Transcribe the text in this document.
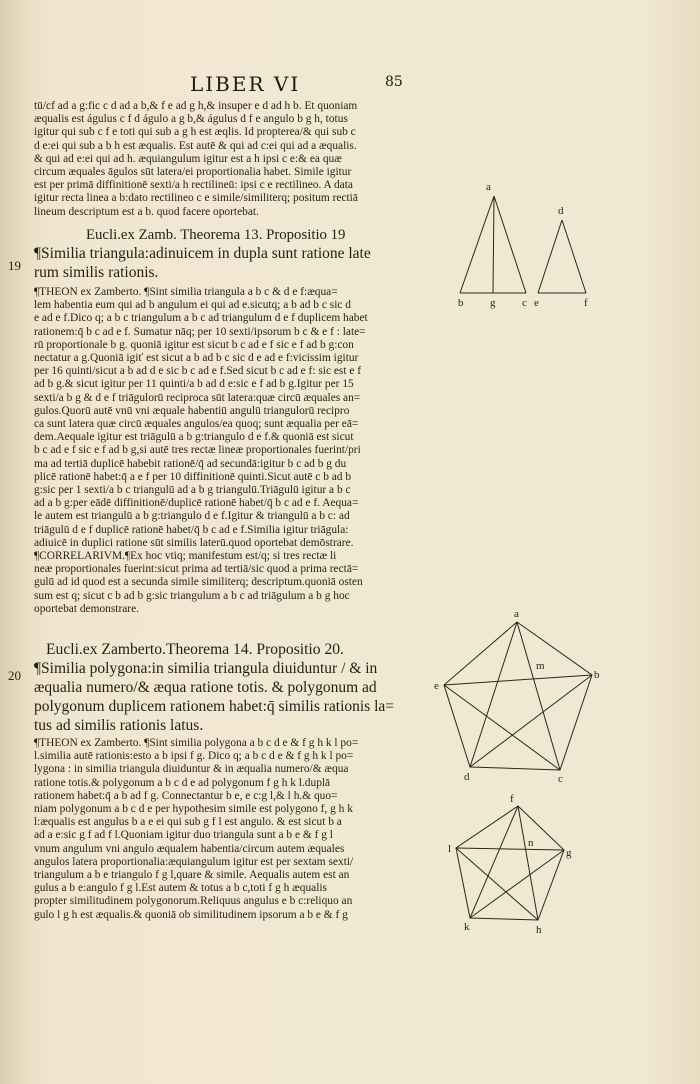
LIBER VI	85
tū/cf ad a g:fic c d ad a b,& f e ad g h,& insuper e d ad h b. Et quoniam
æqualis est águlus c f d águlo a g b,& águlus d f e angulo b g h, totus
igitur qui sub c f e toti qui sub a g h est æqlis. Id propterea/& qui sub c
d e:ei qui sub a b h est æqualis. Est autē & qui ad c:ei qui ad a æqualis.
& qui ad e:ei qui ad h. æquiangulum igitur est a h ipsi c e:& ea quæ
circum æquales āgulos sūt latera/ei proportionalia habet. Simile igitur
est per primā diffinitionē sexti/a h rectilineū: ipsi c e rectilineo. A data
igitur recta linea a b:dato rectilineo c e simile/similiterq; positum rectiā
lineum descriptum est a b. quod facere oportebat.
Eucli.ex Zamb. Theorema 13. Propositio 19
19
¶Similia triangula:adinuicem in dupla sunt ratione late
rum similis rationis.
¶THEON ex Zamberto. ¶Sint similia triangula a b c & d e f:æqua=
lem habentia eum qui ad b angulum ei qui ad e.sicutq; a b ad b c sic d
e ad e f.Dico q; a b c triangulum a b c ad triangulum d e f duplicem habet
rationem:q̄ b c ad e f. Sumatur nāq; per 10 sexti/ipsorum b c & e f : late=
rū proportionale b g. quoniā igitur est sicut b c ad e f sic e f ad b g:con
nectatur a g.Quoniā igiť est sicut a b ad b c sic d e ad e f:vicissim igitur
per 16 quinti/sicut a b ad d e sic b c ad e f.Sed sicut b c ad e f: sic est e f
ad b g.& sicut igitur per 11 quinti/a b ad d e:sic e f ad b g.Igitur per 15
sexti/a b g & d e f triāgulorū reciproca sūt latera:quæ circū æquales an=
gulos.Quorū autē vnū vni æquale habentiū angulū triangulorū recipro
ca sunt latera quæ circū æquales angulos/ea quoq; sunt æqualia per eā=
dem.Aequale igitur est triāgulū a b g:triangulo d e f.& quoniā est sicut
b c ad e f sic e f ad b g,si autē tres rectæ lineæ proportionales fuerint/pri
ma ad tertiā duplicē habebit rationē/q̄ ad secundā:igitur b c ad b g du
plicē rationē habet:q̄ a e f per 10 diffinitionē quinti.Sicut autē c b ad b
g:sic per 1 sexti/a b c triangulū ad a b g triangulū.Triāgulū igitur a b c
ad a b g:per eādē diffinitionē/duplicē rationē habet/q̄ b c ad e f. Aequa=
le autem est triangulū a b g:triangulo d e f.Igitur & triangulū a b c: ad
triāgulū d e f duplicē rationē habet/q̄ b c ad e f.Similia igitur triāgula:
adiuicē in duplici ratione sūt similis laterū.quod oportebat demōstrare.
¶CORRELARIVM.¶Ex hoc vtiq; manifestum est/q; si tres rectæ li
neæ proportionales fuerint:sicut prima ad tertiā/sic quod a prima rectā=
gulū ad id quod est a secunda simile similiterq; descriptum.quoniā osten
sum est q; sicut c b ad b g:sic triangulum a b c ad triāgulum a b g hoc
oportebat demonstrare.
Eucli.ex Zamberto.Theorema 14. Propositio 20.
20 ¶Similia polygona:in similia triangula diuiduntur / & in
æqualia numero/& æqua ratione totis. & polygonum ad
polygonum duplicem rationem habet:q̄ similis rationis la=
tus ad similis rationis latus.
¶THEON ex Zamberto. ¶Sint similia polygona a b c d e & f g h k l po=
l.similia autē rationis:esto a b ipsi f g. Dico q; a b c d e & f g h k l po=
lygona : in similia triangula diuiduntur & in æqualia numero/& æqua
ratione totis.& polygonum a b c d e ad polygonum f g h k l.duplā
rationem habet:q̄ a b ad f g. Connectantur b e, e c:g l,& l h.& quo=
niam polygonum a b c d e per hypothesim simile est polygono f, g h k
l:æqualis est angulus b a e ei qui sub g f l est angulo. & est sicut b a
ad a e:sic g f ad f l.Quoniam igitur duo triangula sunt a b e & f g l
vnum angulum vni angulo æqualem habentia/circum autem æquales
angulos latera proportionalia:æquiangulum igitur est per sextam sexti/
triangulum a b e triangulo f g l,quare & simile. Aequalis autem est an
gulus a b e:angulo f g l.Est autem & totus a b c,toti f g h æqualis
propter similitudinem polygonorum.Reliquus angulus e b c:reliquo an
gulo l g h est æqualis.& quoniā ob similitudinem ipsorum a b e & f g
a
b g c e
d
f
a
b
c
d
e
m
f
g
h
k
l	n
